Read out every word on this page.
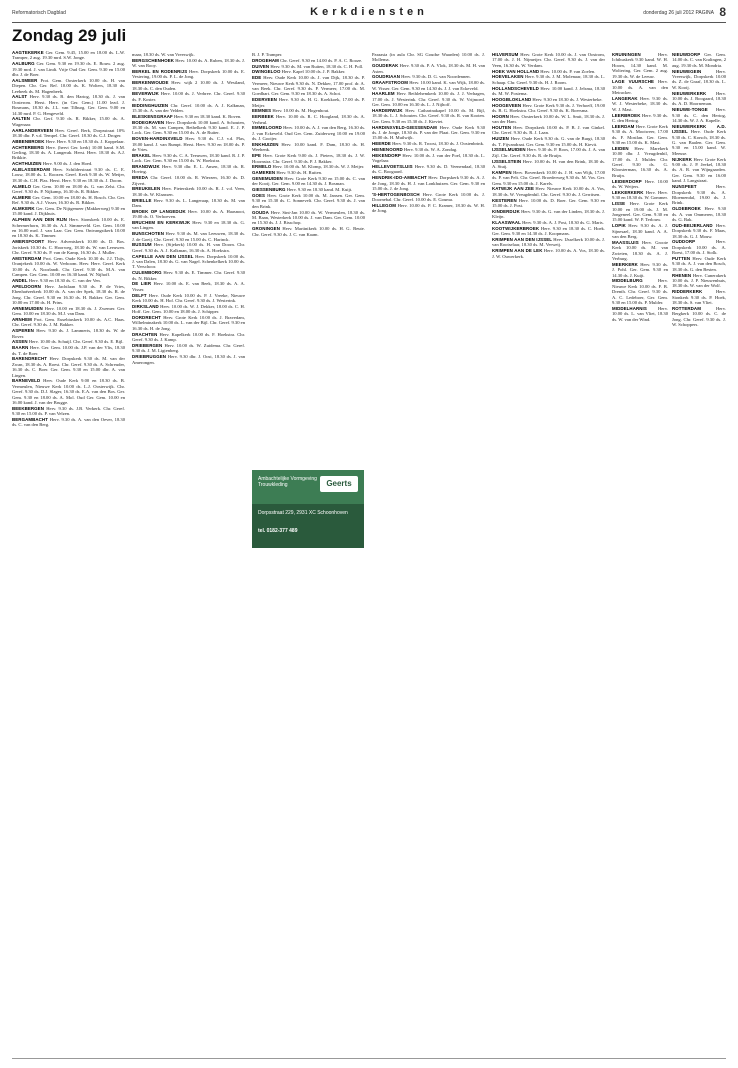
Reformatorisch Dagblad	Kerkdiensten	donderdag 26 juli 2012 PAGINA 8
Zondag 29 juli

AAGTEKERKE Ger. Gem. 9.45, 15.00 en 18.00 ds. L.W. Tramper, 2 aug. 19.30 mrd. S.W. Jonge.

AALBURG Ger. Gem. 9.30 en 19.30 ds. E. Bouw. 2 aug. 19.30 mrd. J. van Lindt. Vrije Oud Ger. Gem. 9.30 en 15.00 dhr. J. de Boer.

AALSMEER Prot. Gem. Oosterkerk 10.00 ds. H. van Diepen. Chr. Ger. Ref. 10.00 ds. K. Wolters, 18.30 ds. Leebeek ds. M. Hagenbeek.

AALST Herv. 9.30 ds. B. den Hartog, 18.30 ds. J. van Oosterom. Herst. Herv. (in Ger. Gem.) 11.00 lezd. J. Bosmans, 18.30 ds. J.L. van Tilburg. Ger. Gem. 9.00 en 14.30 mrd. P. G. Hengeveld.

AALTEN Chr. Gerf. 9.30 ds. R. Bikker, 15.00 ds. A. Wagenaar.

AARLANDERVEEN Herv. Geref. Berk, Dorpsstraat 10% 18.30 dhr. P. v.d. Tempel. Chr. Geref. 18.30 ds. C.J. Droger.

ABBENBROEK Herv. Herv. 9.30 en 18.30 ds. J. Koppelaar.

ACHTERBERG Herv. (hervt Ger. kerk) 10.00 kand. S.M. Gerling, 18.30 ds. A. Langerak. Herst. Herv. 18.30 ds. A.J. Brikkie.

ACHTHUIZEN Herv. 9.00 ds. J. den Hoed.

ALBLASSERDAM Herv. Schilderstraat 9.30 ds. C. E. Louw, 18.00 ds. L. Roozen. Geref. Kerk 9.30 ds. W. Meijer, 18.30 ds. C.H. Plas. Herst. Herv. 9.30 en 18.30 ds. J. Doorn.

ALMELO Ger. Gem. 10.00 en 18.00 ds. G. van Zelst. Chr. Geref. 9.30 ds. P. Nijkamp, 16.30 ds. R. Bikker.

ALMERE Ger. Gem. 10.00 en 18.00 ds. H. Bosch. Chr. Ger. Ref. 9.30 ds. A.J. Visser, 16.30 ds. R. Bikker.

ALMKERK Ger. Gem. De Nijtgemeer (Makkerweg) 9.30 en 15.00 kand. J. Dijkhuis.

ALPHEN AAN DEN RIJN Herv. Sionskerk 10.00 ds. E. Schermerhorn, 16.30 ds. A.J. Simmeveld. Ger. Gem. 10.00 en 16.00 mrd. J. van Laar. Ger. Gem. Ontvangstkerk 10.00 en 18.30 ds. K. Timmer.

AMERSFOORT Herv. Adventskerk 10.00 ds. D. Bos. Joriskerk 10.30 ds. C. Hoorweg, 18.30 ds. W. van Leeuwen. Chr. Geref. 9.30 ds. P. van de Kamp, 16.30 ds. J. Muller.

AMSTERDAM Prot. Gem. Oude Kerk 10.30 ds. J.J. Thijs, Oranjekerk 10.00 ds. W. Verboom. Herv. Herv. Geref. Kerk 10.00 ds. A. Noorlandt. Chr. Geref. 9.30 ds. M.A. van Campen. Ger. Gem. 10.00 en 16.30 kand. W. Nijhoff.

ANDEL Herv. 9.30 en 18.30 ds. C. van der Ven.

APELDOORN Herv. Jachtlaan 9.30 ds. P. de Vries, Ebenhaëzerkerk 10.00 ds. A. van der Spek, 18.30 ds. R. de Jong. Chr. Geref. 9.30 en 16.30 ds. H. Bakker. Ger. Gem. 10.00 en 17.00 ds. H. Prins.

ARNEMUIDEN Herv. 10.00 en 18.30 ds. J. Zwemer. Ger. Gem. 10.00 en 18.30 ds. M.J. van Dam.

ARNHEM Prot. Gem. Eusebiuskerk 10.00 ds. A.C. Haas. Chr. Geref. 9.30 ds. J. M. Bakker.

ASPEREN Herv. 9.30 ds. J. Lammerts, 18.30 ds. W. de Rover.

ASSEN Herv. 10.00 ds. Schuijl. Chr. Geref. 9.30 ds. E. Bijl.

BAARN Herv. Ger. Gem. 10.00 ds. J.P. van der Vlis, 18.30 ds. T. de Boer.

BARENDRECHT Herv. Dorpskerk 9.30 ds. M. van der Zwan, 18.30 ds. A. Roest. Chr. Geref. 9.30 ds. A. Schreuder, 16.30 ds. C. Boer. Ger. Gem. 9.30 en 15.00 dhr. A. van Lingen.

BARNEVELD Herv. Oude Kerk 9.00 en 18.30 ds. B. Vermeulen, Nieuwe Kerk 10.00 ds. L.J. Oosterwijk. Chr. Geref. 9.30 ds. D.J. Slager, 16.30 ds. E.A. van den Bos. Ger. Gem. 9.30 en 18.00 ds. A. Mol. Oud Ger. Gem. 10.00 en 16.00 kand. J. van der Brugge.

BEEKBERGEN Herv. 9.30 ds. J.B. Verkerk. Chr. Geref. 9.30 en 15.00 ds. P. van Velzen.

BERGAMBACHT Herv. 9.30 ds. A. van den Oever, 18.30 ds. C. van den Berg.

maar, 18.30 ds. W. van Vreeswijk.

BERGSCHENHOEK Herv. 10.00 ds. A. Ruben, 18.30 ds. J. W. van Rooy.

BERKEL EN RODENRIJS Herv. Dorpskerk 10.00 ds. E. Vestering, 19.00 ds. P. L. de Jong.

BERKENWOUDE Herv. wijk 2 10.00 ds. J. Westland, 18.30 ds. C. den Ouden.

BEVERWIJK Herv. 10.00 ds. J. Verbree. Chr. Geref. 9.30 ds. F. Koster.

BIDDINGHUIZEN Chr. Geref. 10.00 ds. A. J. Kalkman, 15.30 ds. A. van der Velden.

BLESKENSGRAAF Herv. 9.30 en 18.30 kand. K. Boven.

BODEGRAVEN Herv. Dorpskerk 10.00 kand. A. Schouten, 18.30 ds. M. van Campen, Bethelkerk 9.30 kand. E. J. P. Lock. Ger. Gem. 9.30 en 15.00 ds. A. de Ruiter.

BOVEN-HARDINXVELD Herv. 9.30 ds. C.J. v.d. Plas, 18.00 kand. J. van Rumpt. Herst. Herv. 9.30 en 18.00 ds. P. de Vries.

BRAKEL Herv. 9.30 ds. C. A. Teeuwen, 18.30 kand. R. J. P. Lock. Ger. Gem. 9.30 en 15.00 ds. W. Hoekstra.

BRANDWIJK Herv. 9.30 dhr. E. L. Ansen, 18.30 ds. R. Hoving.

BREDA Chr. Geref. 10.00 ds. R. Wierzen, 16.30 ds. D. Zijvert.

BREUKELEN Herv. Pieterskerk 10.00 ds. R. J. v.d. Veen, 18.30 ds. W. Klaassen.

BRIELLE Herv. 9.30 ds. L. Langeraap, 18.30 ds. M. van Dam.

BROEK OP LANGEDIJK Herv. 10.00 ds. A. Haasnoot, 19.00 ds. O. Verhoeven.

BRUCHEM EN KERKWIJK Herv. 9.30 en 18.30 ds. G. van Lingen.

BUNSCHOTEN Herv. 9.30 ds. M. van Leeuwen, 18.30 ds. J. de Goeij. Chr. Geref. 9.30 en 15.00 ds. C. Harinck.

BUSSUM Herv. (Sijekerk) 10.00 ds. H. van Doorn. Chr. Geref. 9.30 ds. A. J. Kalkman, 16.30 ds. A. Hoekstra.

CAPELLE AAN DEN IJSSEL Herv. Dorpskerk 10.00 ds. J. van Dalen, 18.30 ds. G. van Nagel. Schenkelkerk 10.00 ds. T. Verschoor.

CULEMBORG Herv. 9.30 ds. E. Timmer. Chr. Geref. 9.30 ds. N. Bikker.

DE LIER Herv. 10.00 ds. E. van Beek, 18.30 ds. A. A. Visser.

DELFT Herv. Oude Kerk 10.00 ds. P. J. Vreeke, Nieuwe Kerk 10.00 ds. H. Hof. Chr. Geref. 9.30 ds. J. Westerink.

DIRKSLAND Herv. 10.00 ds. W. J. Dekker, 18.00 ds. C. H. Hoff. Ger. Gem. 10.00 en 18.00 ds. J. Schipper.

DORDRECHT Herv. Grote Kerk 10.00 ds. J. Bravedam, Wilhelminakerk 10.00 ds. L. van der Bijl. Chr. Geref. 9.30 en 16.30 ds. H. de Jong.

DRACHTEN Herv. Kapelkerk 10.00 ds. F. Hoekstra. Chr. Geref. 9.30 ds. J. Kamp.

DRIEBERGEN Herv. 10.00 ds. W. Zuidema. Chr. Geref. 9.30 ds. J. M. Ligtenberg.

DRIEBRUGGEN Herv. 9.30 dhr. J. Oost, 18.30 ds. J. van Amerongen.

B. J. P. Tramper.

DROGEHAM Chr. Geref. 9.30 en 14.00 ds. P. A. C. Rooze.

DUIVEN Herv. 9.30 ds. M. van Ruiten, 18.30 ds. C. H. Poll.

DWINGELOO Herv. Kapel 10.00 ds. J. P. Bakker.

EDE Herv. Oude Kerk 10.00 ds. J. van Dijk, 18.30 ds. P. Vermeer, Nieuwe Kerk 9.30 ds. N. Dekker, 17.00 prof. dr. A. van Beek. Chr. Geref. 9.30 ds. P. Vermeer, 17.00 ds. M. Goedhart. Ger. Gem. 9.30 en 18.30 ds. A. Schot.

EDERVEEN Herv. 9.30 ds. H. G. Koekkoek, 17.00 ds. P. Meijer.

EEMNES Herv. 10.00 ds. M. Hogenhout.

EERBEEK Herv. 10.00 ds. R. C. Hoogland, 18.30 ds. A. Verheul.

EMMELOORD Herv. 10.00 ds. A. J. van den Berg, 16.30 ds. J. van Eckeveld. Oud Ger. Gem. Zuiderweg 10.00 en 19.00 ds. J. Gooijer.

ENKHUIZEN Herv. 10.00 kand. F. Dam, 18.30 ds. H. Weehenk.

EPE Herv. Grote Kerk 9.00 ds. J. Pieters, 18.30 ds. J. W. Hoornstra. Chr. Geref. 9.30 ds. P. J. Bakker.

ERMELO Herv. 10.00 ds. M. Klomp, 18.30 ds. W. J. Meijer.

GAMEREN Herv. 9.30 ds. H. Ruiten.

GENEMUIDEN Herv. Grote Kerk 9.30 en 15.00 ds. C. van der Kooij. Ger. Gem. 9.00 en 14.30 ds. J. Bosman.

GIESSENBURG Herv. 9.30 en 18.30 kand. M. Kuijt.

GOES Herv. Grote Kerk 10.00 ds. M. Jansen. Ger. Gem. 9.30 en 15.30 ds. C. Sonnevelt. Chr. Geref. 9.30 ds. J. van den Brink.

GOUDA Herv. Sint-Jan 10.00 ds. W. Vermeulen, 18.30 ds. M. Baan, Westerkerk 10.00 ds. J. van Dam. Ger. Gem. 10.00 en 15.30 ds. J. J. Bisschop.

GRONINGEN Herv. Martinikerk 10.00 ds. H. G. Beute. Chr. Geref. 9.30 ds. J. C. van Kaam.

Paraasia (in aula Chr. SG Goudse Waarden) 10.00 ds. J. Mollema.

GOUDERAK Herv. 9.30 ds. P. A. Vlok, 18.30 ds. M. H. van Asten.

GOUDRIAAN Herv. 9.30 ds. D. G. van Noordennen.

GRAAFSTROOM Herv. 10.00 kand. K. van Wijk, 18.00 ds. W. Visser. Ger. Gem. 9.30 en 14.30 ds. J. J. van Eckeveld.

HAARLEM Herv. Bethlehemkerk 10.00 ds. J. J. Verhagen, 17.00 ds. J. Westerink. Chr. Geref. 9.30 ds. W. Vrijmoed. Ger. Gem. 10.00 en 16.30 ds. L. J. Nijhoff.

HARDERWIJK Herv. Catharinakapel 10.00 ds. M. Bijl, 18.30 ds. L. J. Schouten. Chr. Geref. 9.30 ds. R. van Kooten. Ger. Gem. 9.30 en 15.30 ds. J. Kieviet.

HARDINXVELD-GIESSENDAM Herv. Oude Kerk 9.30 ds. J. de Jonge, 18.30 ds. P. van der Plaat. Ger. Gem. 9.30 en 15.00 ds. H. Muilwijk.

HEERDE Herv. 9.30 ds. R. Troost, 18.30 ds. J. Oostenbrink.

HEINENOORD Herv. 9.30 ds. W. A. Zondag.

HEKENDORP Herv. 10.00 ds. J. van der Poel, 18.30 ds. L. Vogelaar.

HELLEVOETSLUIS Herv. 9.30 ds. D. Veenendaal, 18.30 ds. C. Boogaard.

HENDRIK-IDO-AMBACHT Herv. Dorpskerk 9.30 ds. A. J. de Jong, 18.30 ds. H. J. van Lonkhuizen. Ger. Gem. 9.30 en 15.00 ds. J. de Jong.

'S-HERTOGENBOSCH Herv. Grote Kerk 10.00 ds. J. Doornebal. Chr. Geref. 10.00 ds. E. Gouma.

HILLEGOM Herv. 10.00 ds. P. C. Kramer, 18.30 ds. W. H. de Jong.

HILVERSUM Herv. Grote Kerk 10.00 ds. J. van Oostrom, 17.00 ds. J. H. Nijmeijer. Chr. Geref. 9.30 ds. J. van der Veen, 16.30 ds. W. Verdam.

HOEK VAN HOLLAND Herv. 10.00 ds. P. van Zoelen.

HOEVELAKEN Herv. 9.30 ds. J. M. Molenaar, 18.30 ds. L. Schaap. Chr. Geref. 9.30 ds. H. J. Room.

HOLLANDSCHEVELD Herv. 10.00 kand. J. Jelsma, 18.30 ds. M. W. Postema.

HOOGBLOKLAND Herv. 9.30 en 18.30 ds. J. Westerbeke.

HOOGEVEEN Herv. Grote Kerk 9.30 ds. J. Verhoeff, 19.00 ds. B. G. Hoekstra. Chr. Geref. 9.30 ds. K. Boersma.

HOORN Herv. Oosterkerk 10.00 ds. W. L. Smit, 18.30 ds. J. van der Ham.

HOUTEN Herv. Dorpskerk 10.00 ds. P. B. J. van Ginkel. Chr. Geref. 9.30 ds. R. J. Laan.

HUIZEN Herv. Oude Kerk 9.30 ds. G. van de Burgt, 18.30 ds. T. Fijvandraat. Ger. Gem. 9.30 en 15.00 ds. H. Kievit.

IJSSELMUIDEN Herv. 9.30 ds. P. Roos, 17.00 ds. J. A. van Zijl. Chr. Geref. 9.30 ds. R. de Bruijn.

IJSSELSTEIN Herv. 10.00 ds. H. van den Brink, 18.30 ds. A. Stuij.

KAMPEN Herv. Bovenkerk 10.00 ds. J. H. van Wijk, 17.00 ds. P. van Pelt. Chr. Geref. Broederweg 9.30 ds. M. Vos. Ger. Gem. 9.30 en 15.00 ds. J. Karels.

KATWIJK AAN ZEE Herv. Nieuwe Kerk 10.00 ds. A. Vos, 18.30 ds. W. Vreugdenhil. Chr. Geref. 9.30 ds. J. Gerritsen.

KESTEREN Herv. 10.00 ds. D. Boer. Ger. Gem. 9.30 en 15.00 ds. J. Post.

KINDERDIJK Herv. 9.30 ds. G. van der Linden, 18.30 ds. J. Kleijn.

KLAASWAAL Herv. 9.30 ds. A. J. Post, 18.30 ds. G. Maris.

KOOTWIJKERBROEK Herv. 9.30 en 18.30 ds. C. Hoek. Ger. Gem. 9.30 en 14.30 ds. J. Koopmans.

KRIMPEN AAN DEN IJSSEL Herv. IJsselkerk 10.00 ds. J. van Rootselaar, 18.30 ds. M. Verweij.

KRIMPEN AAN DE LEK Herv. 10.00 ds. A. Vos, 18.30 ds. J. W. Ouwerkerk.

KRUININGEN	Herv. Ichthuskerk 9.30 kand. W. H. Hoorn, 14.30 kand. M. Woltering. Ger. Gem. 2 aug. 19.30 ds. W. de Leeuw.

LAGE VUURSCHE Herv. 10.00 ds. A. van den Meiracker.

LANGERAK Herv. 9.30 ds. W. J. Westerbeke, 18.30 ds. W. J. Mast.

LEERBROEK Herv. 9.30 ds. C. den Hertog.

LEERDAM Herv. Grote Kerk 9.30 ds. A. Mooiweer, 17.00 ds. F. Mostlan. Ger. Gem. 9.30 en 15.00 ds. K. Mast.

LEIDEN Herv. Marekerk 10.00 dhr. J. Vreugdenhil, 17.00 ds. J. Mulder. Chr. Geref. 9.30 ds. G. Kloosterman, 16.30 ds. A. Bruijn.

LEIDERDORP Herv. 10.00 ds. W. Weijers.

LEKKERKERK Herv. Herv. 9.30 en 18.30 ds. W. Gommer.

LISSE Herv. Grote Kerk 10.00 en 19.00 ds. J. M. Jongeneel. Ger. Gem. 9.30 en 15.00 kand. W. P. Terlouw.

LOPIK Herv. 9.30 ds. A. J. Sijnesael, 18.30 kand. A. A. van den Berg.

MAASSLUIS Herv. Groote Kerk 10.00 ds. M. van Zwieten, 18.30 ds. A. J. Verburg.

MEERKERK Herv. 9.30 ds. J. Pohl. Ger. Gem. 9.30 en 14.30 ds. J. Kuijt.

MIDDELBURG	Herv. Nieuwe Kerk 10.00 ds. F. B. Drenth. Chr. Geref. 9.30 ds. A. C. Ledeboer, Ger. Gem. 9.30 en 15.00 ds. P. Mulder.

MIDDELHARNIS Herv. 10.00 ds. L. van Vliet, 18.30 ds. W. van der Wind.

NIEUWDORP Ger. Gem. 14.00 ds. C. van Kralingen, 2 aug. 19.30 ds. M. Mondria.

NIEUWEGEIN	Herv. Vreeswijk, Dorpskerk 10.00 ds. Z. de Graaf, 18.30 ds. L. W. Kooij.

NIEUWERKERK Herv. 10.00 ds. J. Boogaard, 18.30 ds. A. D. Hoorneman.

NIEUWE-TONGE Herv. 9.30 ds. C. den Hertog, 14.30 ds. W. J. A. Kapelle.

NIEUWERKERK A.D. IJSSEL Herv. Oude Kerk 9.30 ds. C. Korsch, 18.30 ds. G. van Baalen. Ger. Gem. 9.30 en 15.00 kand. W. Meeuse.

NIJKERK Herv. Grote Kerk 9.00 ds. J. P. Jeekel, 18.30 ds. A. R. van Wijngaarden. Ger. Gem. 9.30 en 16.00 kand. J. Langstraat.

NUNSPEET	Herv. Dorpskerk 9.30 ds. A. Bloemendal, 19.00 ds. J. Brink.

OLDEBROEK Herv. 9.30 ds. A. van Ommeren, 18.30 ds. G. Bak.

OUD-BEIJERLAND Herv. Dorpskerk 9.30 ds. F. Maas, 18.30 ds. G. J. Mouw.

OUDDORP	Herv. Dorpskerk 10.00 ds. A. Roest, 17.00 ds. J. Stolk.

PUTTEN Herv. Oude Kerk 9.30 ds. A. J. van den Bosch, 18.30 ds. G. den Besten.

RHENEN Herv. Cunerakerk 10.00 ds. J. P. Nieuwenhuis, 18.30 ds. W. van der Wolf.

RIDDERKERK	Herv. Sionkerk 9.30 ds. P. Hoek, 18.30 ds. S. van Vliet.

ROTTERDAM	Herv. Bergkerk 10.00 ds. C. de Jong. Chr. Geref. 9.30 ds. J. W. Schoppers.

Ambachtelijke Vormgeving Trouwkleding	Geerts
Dorpsstraat 229, 2931 XC Schoonhoven
tel. 0182-377 489
